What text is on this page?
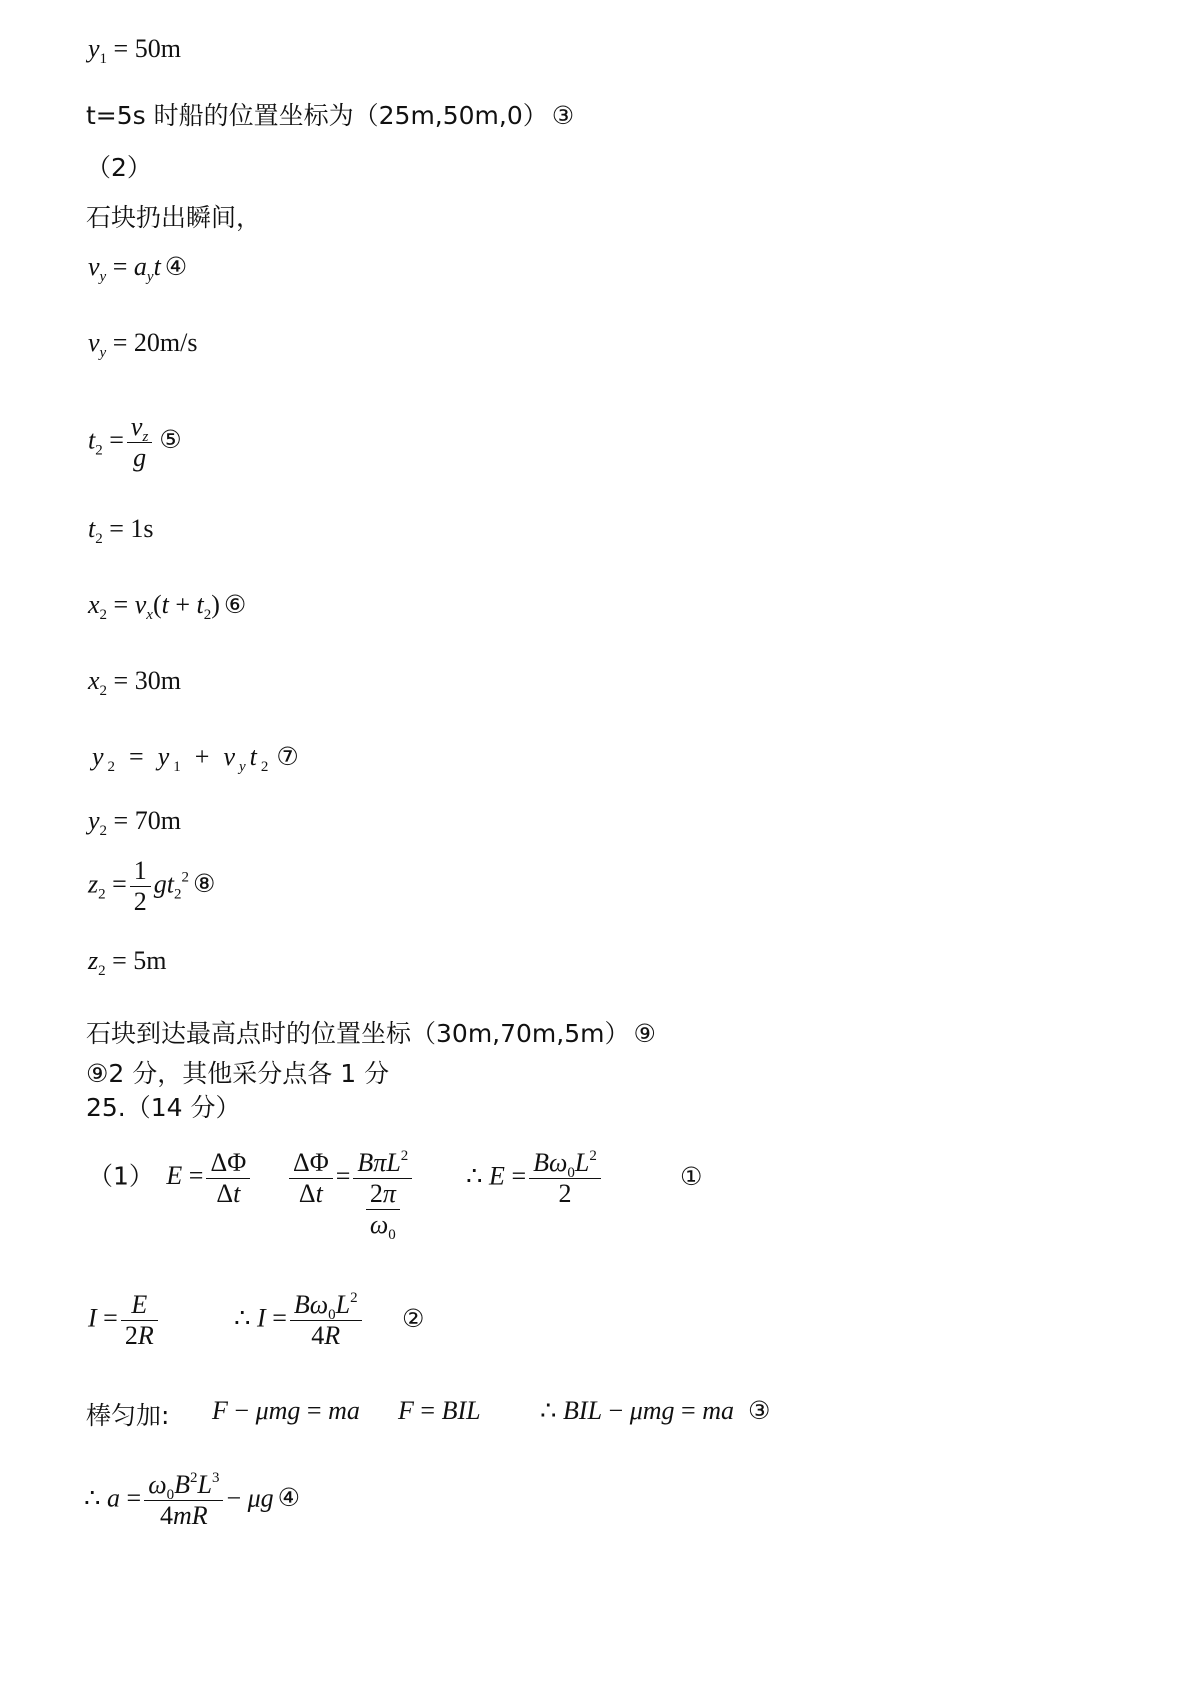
$y_1 = 50m$
t=5s 时船的位置坐标为（25m,50m,0） ③
（2）
石块扔出瞬间，
$v_y = a_yt$ ④
$v_y = 20m/s$
$t_2 = \frac{v_z}{g}$ ⑤
$t_2 = 1s$
$x_2 = v_x(t + t_2)$ ⑥
$x_2 = 30m$
$y_2 = y_1 + v_yt_2$ ⑦
$y_2 = 70m$
$z_2 = \frac{1}{2} gt_2^2$ ⑧
$z_2 = 5m$
石块到达最高点时的位置坐标（30m,70m,5m） ⑨
⑨2 分，其他采分点各 1 分
25.（14 分）
（1） $E = \frac{\Delta\Phi}{\Delta t} \frac{\Delta\Phi}{\Delta t} = \frac{B\pi L^2}{\frac{2\pi}{\omega_0}}$ ∴ $E = \frac{B\omega_0L^2}{2}$	①
$I = \frac{E}{2R}$	∴ $I = \frac{B\omega_0L^2}{4R}$ ②
棒匀加: F − μmg = ma F = BIL ∴ BIL − μmg = ma ③
∴ $a = \frac{\omega_0B^2L^3}{4mR} - \mu g$ ④
